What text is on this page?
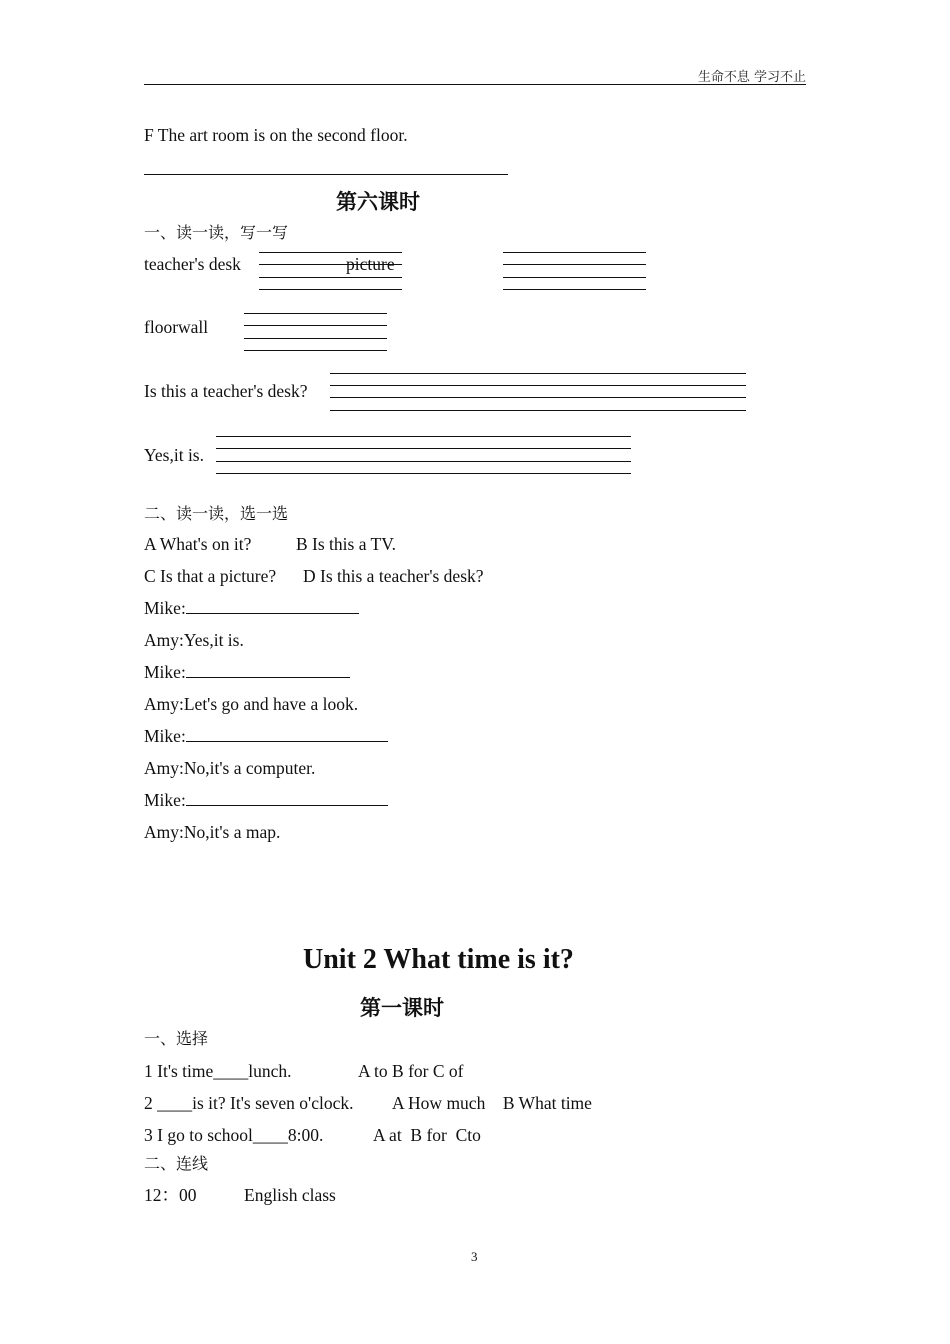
生命不息 学习不止
F The art room is on the second floor.
第六课时
一、读一读，写一写
teacher's desk	picture
floorwall
Is this a teacher's desk?
Yes,it is.
二、读一读，选一选
A What's on it?	B Is this a TV.
C Is that a picture? D Is this a teacher's desk?
Mike:
Amy:Yes,it is.
Mike:
Amy:Let's go and have a look.
Mike:
Amy:No,it's a computer.
Mike:
Amy:No,it's a map.
Unit 2 What time is it?
第一课时
一、选择
1 It's time____lunch.	A to B for C of
2 ____is it? It's seven o'clock. A How much    B What time
3 I go to school____8:00.	A at  B for  Cto
二、连线
12：00	English class
3
